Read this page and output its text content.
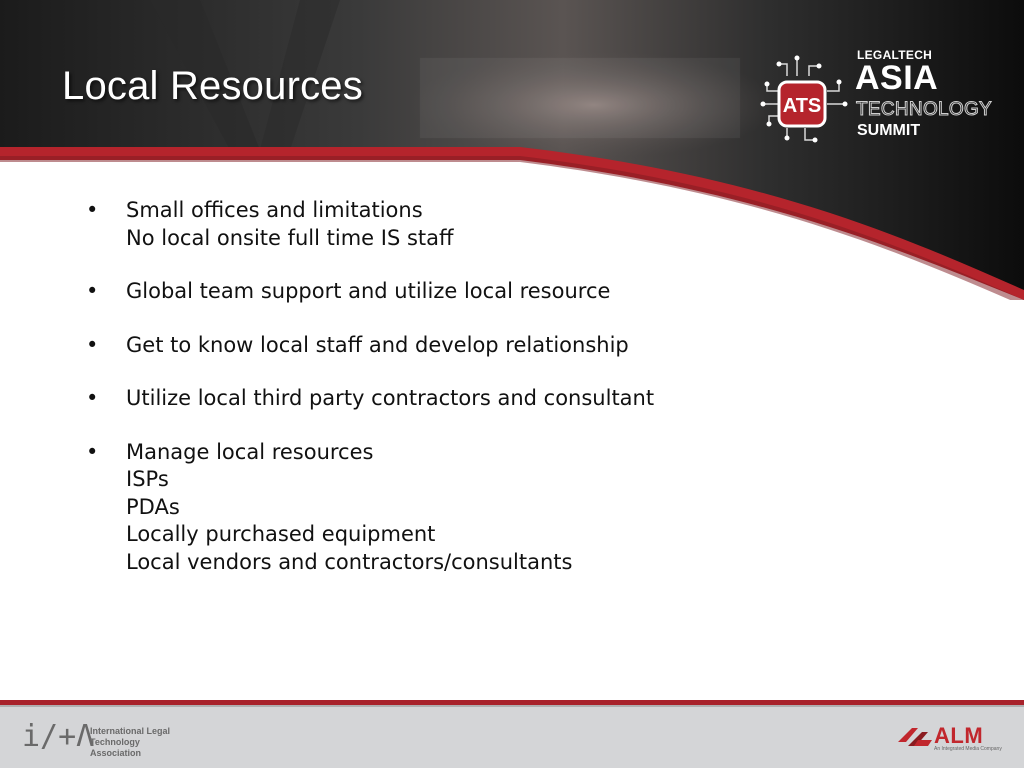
Local Resources	ATS
LEGALTECH
ASIA
TECHNOLOGY
SUMMIT
• Small offices and limitations
No local onsite full time IS staff
• Global team support and utilize local resource
• Get to know local staff and develop relationship
• Utilize local third party contractors and consultant
• Manage local resources
ISPs
PDAs
Locally purchased equipment
Local vendors and contractors/consultants
i/+Λ
International Legal
Technology Association
ALM
An Integrated Media Company
